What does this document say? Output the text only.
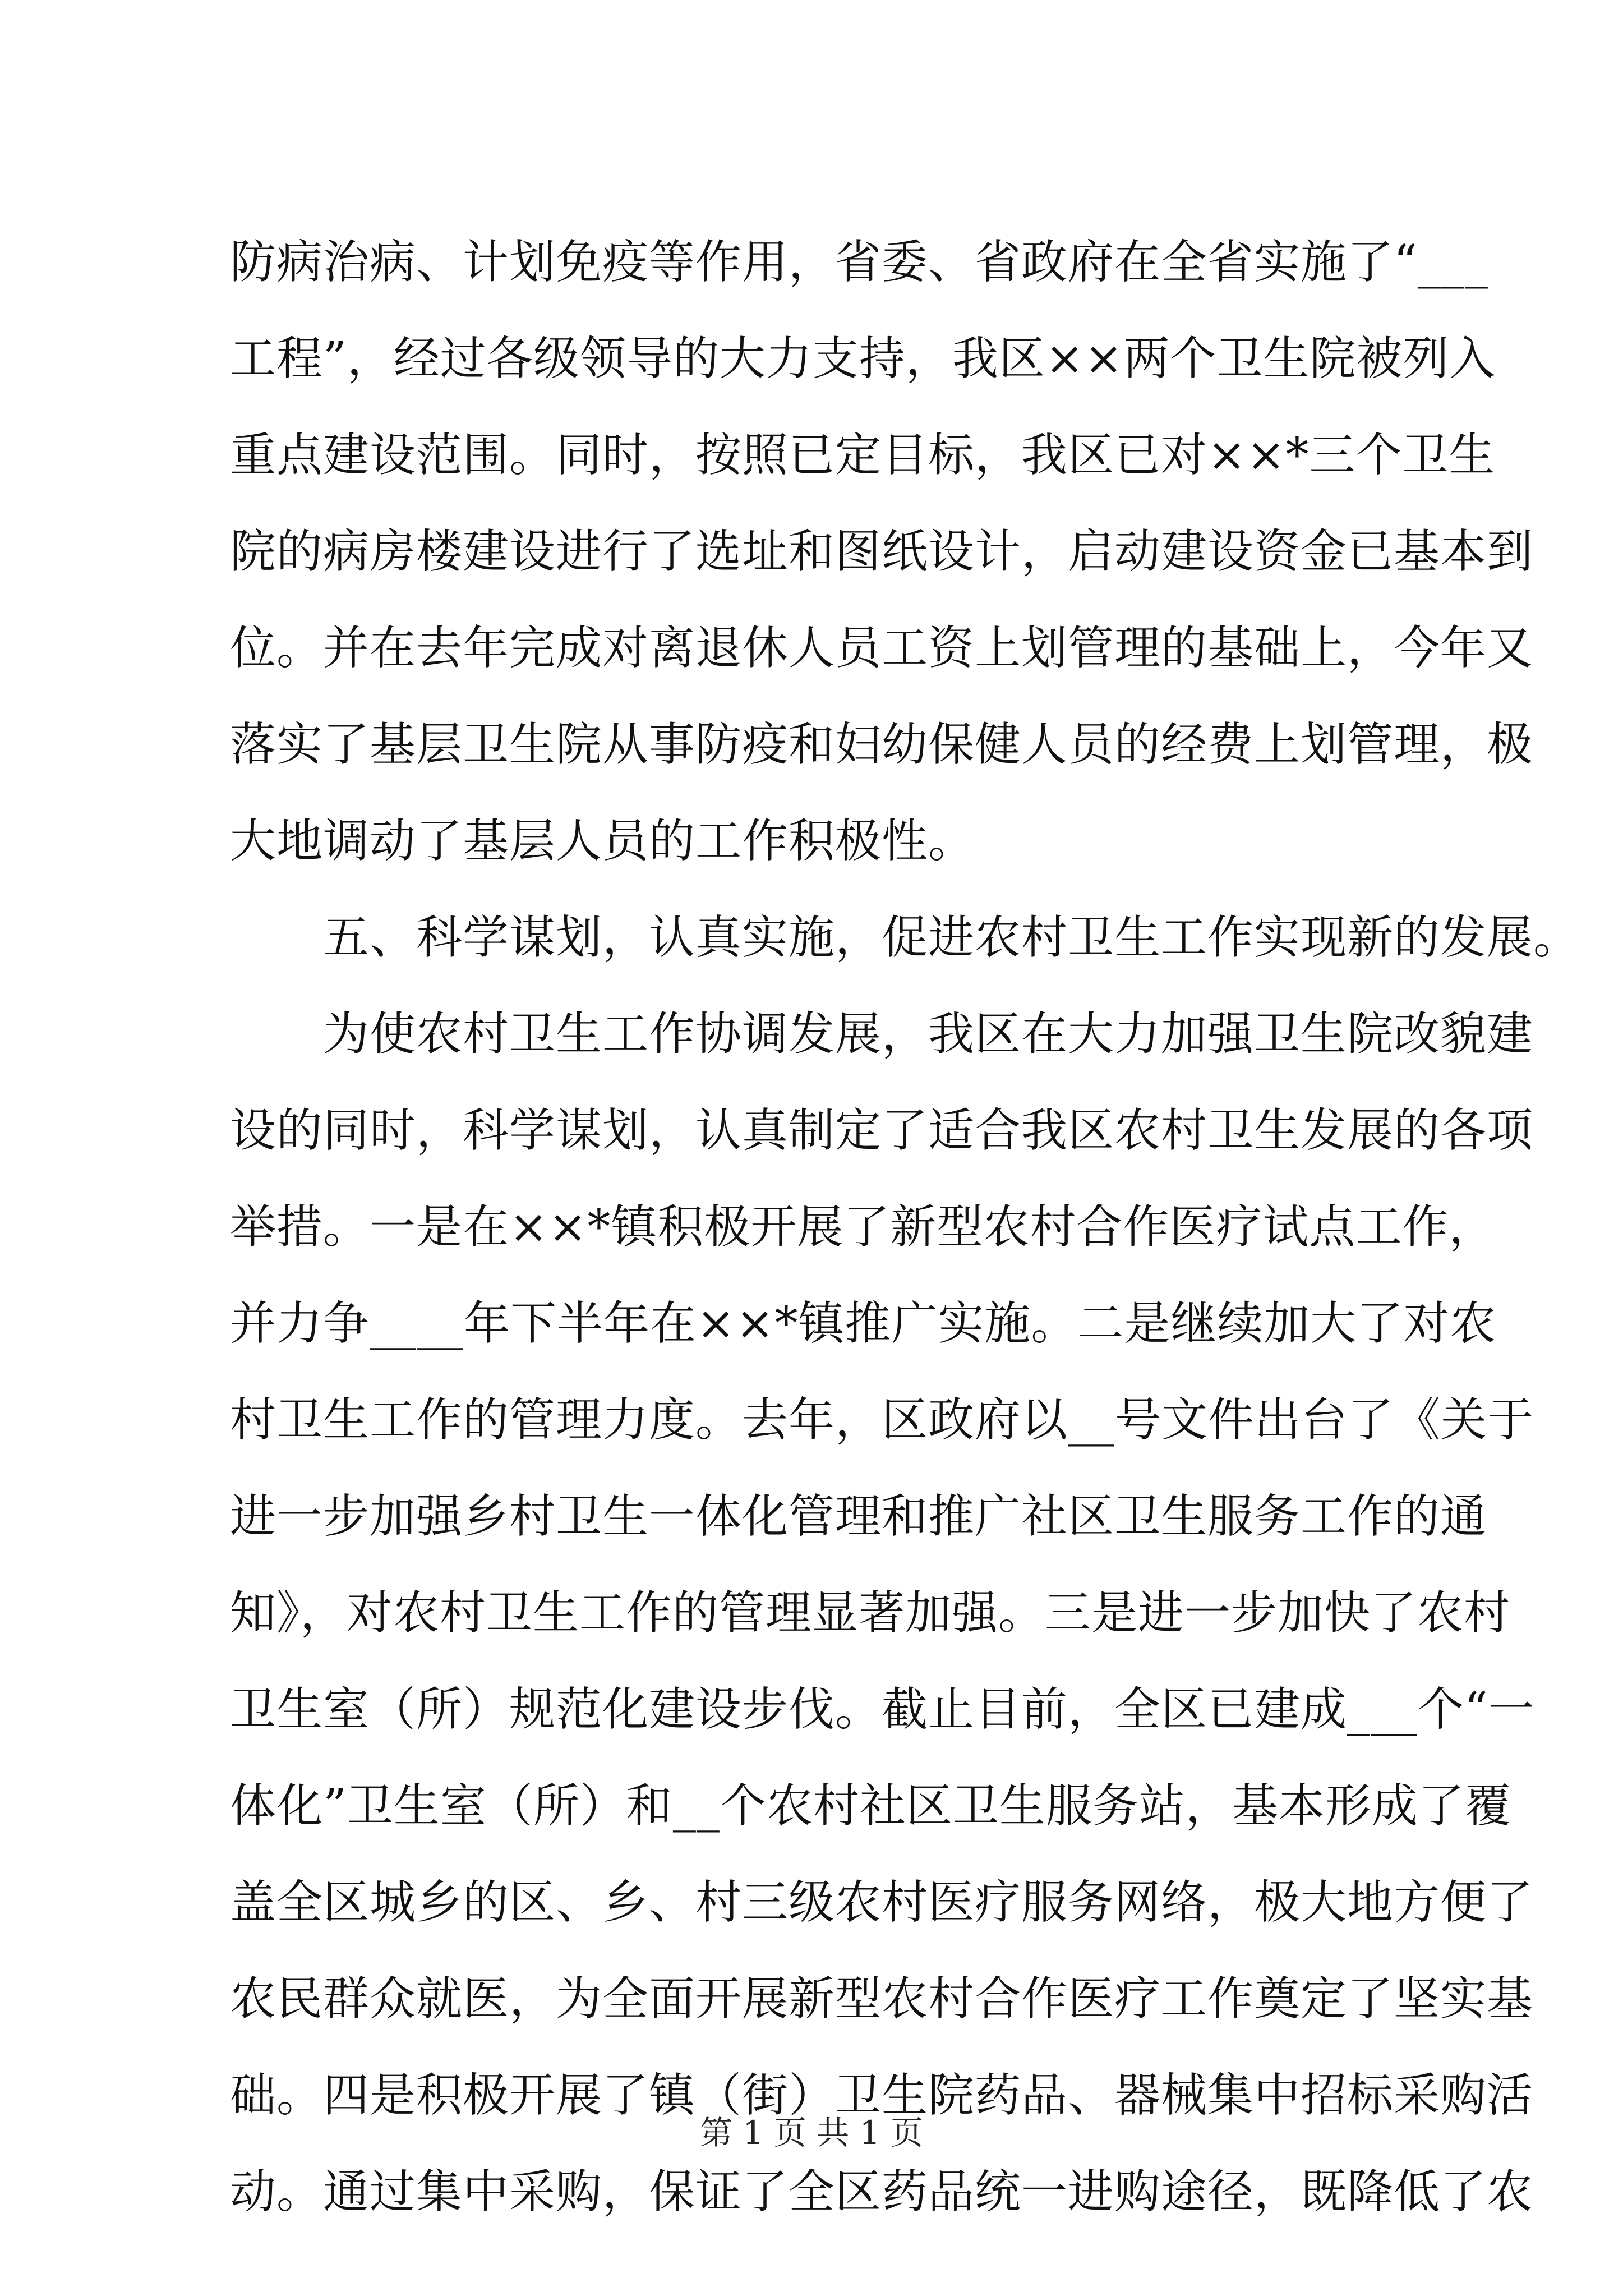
防病治病、计划免疫等作用，省委、省政府在全省实施了“___
工程”，经过各级领导的大力支持，我区××两个卫生院被列入
重点建设范围。同时，按照已定目标，我区已对××*三个卫生
院的病房楼建设进行了选址和图纸设计，启动建设资金已基本到
位。并在去年完成对离退休人员工资上划管理的基础上，今年又
落实了基层卫生院从事防疫和妇幼保健人员的经费上划管理，极
大地调动了基层人员的工作积极性。
五、科学谋划，认真实施，促进农村卫生工作实现新的发展。
为使农村卫生工作协调发展，我区在大力加强卫生院改貌建
设的同时，科学谋划，认真制定了适合我区农村卫生发展的各项
举措。一是在××*镇积极开展了新型农村合作医疗试点工作，
并力争____年下半年在××*镇推广实施。二是继续加大了对农
村卫生工作的管理力度。去年，区政府以__号文件出台了《关于
进一步加强乡村卫生一体化管理和推广社区卫生服务工作的通
知》，对农村卫生工作的管理显著加强。三是进一步加快了农村
卫生室（所）规范化建设步伐。截止目前，全区已建成___个“一
体化”卫生室（所）和__个农村社区卫生服务站，基本形成了覆
盖全区城乡的区、乡、村三级农村医疗服务网络，极大地方便了
农民群众就医，为全面开展新型农村合作医疗工作奠定了坚实基
础。四是积极开展了镇（街）卫生院药品、器械集中招标采购活
动。通过集中采购，保证了全区药品统一进购途径，既降低了农
第 1 页 共 1 页
